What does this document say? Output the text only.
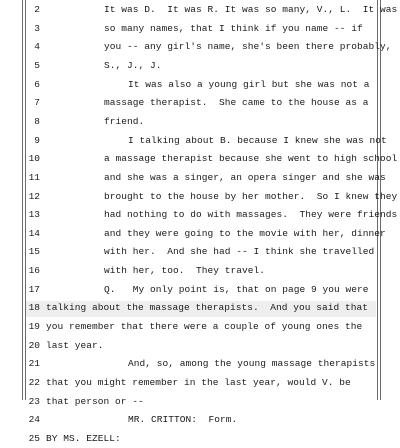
2	It was D.  It was R. It was so many, V., L.  It was
3	so many names, that I think if you name -- if
4	you -- any girl's name, she's been there probably,
5	S., J., J.
6	It was also a young girl but she was not a
7	massage therapist.  She came to the house as a
8	friend.
9	I talking about B. because I knew she was not
10	a massage therapist because she went to high school
11	and she was a singer, an opera singer and she was
12	brought to the house by her mother.  So I knew they
13	had nothing to do with massages.  They were friends
14	and they were going to the movie with her, dinner
15	with her.  And she had -- I think she travelled
16	with her, too.  They travel.
17	Q.   My only point is, that on page 9 you were
18 talking about the massage therapists.  And you said that
19 you remember that there were a couple of young ones the
20 last year.
21	And, so, among the young massage therapists
22 that you might remember in the last year, would V. be
23 that person or --
24	MR. CRITTON:  Form.
25 BY MS. EZELL:
